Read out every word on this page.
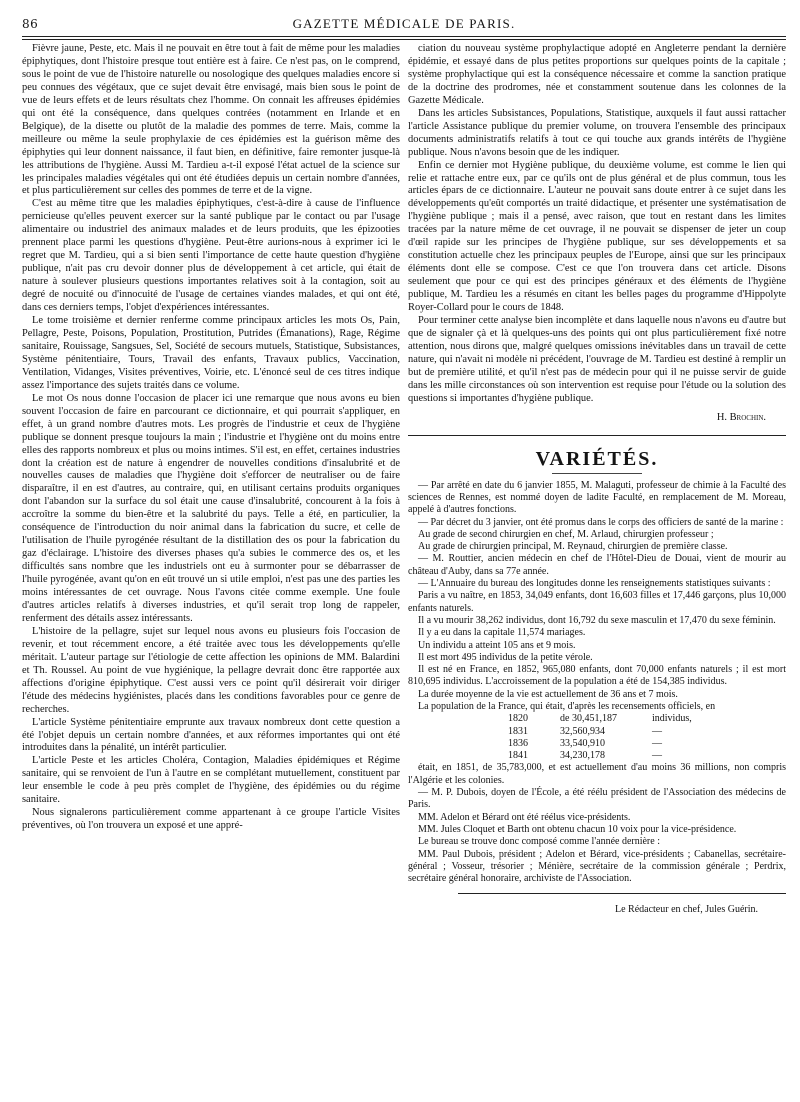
86	GAZETTE MÉDICALE DE PARIS.

Fièvre jaune, Peste, etc. Mais il ne pouvait en être tout à fait de même pour les maladies épiphytiques, dont l'histoire presque tout entière est à faire. Ce n'est pas, on le comprend, sous le point de vue de l'histoire naturelle ou nosologique des quelques maladies encore si peu connues des végétaux, que ce sujet devait être envisagé, mais bien sous le point de vue de leurs effets et de leurs résultats chez l'homme. On connait les affreuses épidémies qui ont été la conséquence, dans quelques contrées (notamment en Irlande et en Belgique), de la disette ou plutôt de la maladie des pommes de terre. Mais, comme la meilleure ou même la seule prophylaxie de ces épidémies est la guérison même des épiphyties qui leur donnent naissance, il faut bien, en définitive, faire remonter jusque-là les attributions de l'hygiène. Aussi M. Tardieu a-t-il exposé l'état actuel de la science sur les principales maladies végétales qui ont été étudiées depuis un certain nombre d'années, et plus particulièrement sur celles des pommes de terre et de la vigne.

C'est au même titre que les maladies épiphytiques, c'est-à-dire à cause de l'influence pernicieuse qu'elles peuvent exercer sur la santé publique par le contact ou par l'usage alimentaire ou industriel des animaux malades et de leurs produits, que les épizooties prennent place parmi les questions d'hygiène. Peut-être aurions-nous à exprimer ici le regret que M. Tardieu, qui a si bien senti l'importance de cette haute question d'hygiène publique, n'ait pas cru devoir donner plus de développement à cet article, qui était de nature à soulever plusieurs questions importantes relatives soit à la contagion, soit au degré de nocuité ou d'innocuité de l'usage de certaines viandes malades, et qui ont été, dans ces derniers temps, l'objet d'expériences intéressantes.

Le tome troisième et dernier renferme comme principaux articles les mots Os, Pain, Pellagre, Peste, Poisons, Population, Prostitution, Putrides (Émanations), Rage, Régime sanitaire, Rouissage, Sangsues, Sel, Société de secours mutuels, Statistique, Subsistances, Système pénitentiaire, Tours, Travail des enfants, Travaux publics, Vaccination, Ventilation, Vidanges, Visites préventives, Voirie, etc. L'énoncé seul de ces titres indique assez l'importance des sujets traités dans ce volume.

Le mot Os nous donne l'occasion de placer ici une remarque que nous avons eu bien souvent l'occasion de faire en parcourant ce dictionnaire, et qui pourrait s'appliquer, en effet, à un grand nombre d'autres mots. Les progrès de l'industrie et ceux de l'hygiène publique se donnent presque toujours la main ; l'industrie et l'hygiène ont du moins entre elles des rapports nombreux et plus ou moins intimes. S'il est, en effet, certaines industries dont la création est de nature à engendrer de nouvelles conditions d'insalubrité et de nouvelles causes de maladies que l'hygiène doit s'efforcer de neutraliser ou de faire disparaître, il en est d'autres, au contraire, qui, en utilisant certains produits organiques dont l'abandon sur la surface du sol était une cause d'insalubrité, concourent à la fois à accroître la somme du bien-être et la salubrité du pays. Telle a été, en particulier, la conséquence de l'introduction du noir animal dans la fabrication du sucre, et celle de l'utilisation de l'huile pyrogénée résultant de la distillation des os pour la fabrication du gaz d'éclairage. L'histoire des diverses phases qu'a subies le commerce des os, et les difficultés sans nombre que les industriels ont eu à surmonter pour se débarrasser de l'huile pyrogénée, avant qu'on en eût trouvé un si utile emploi, n'est pas une des parties les moins intéressantes de cet ouvrage. Nous l'avons citée comme exemple. Une foule d'autres articles relatifs à diverses industries, et qu'il serait trop long de rappeler, renferment des détails assez intéressants.

L'histoire de la pellagre, sujet sur lequel nous avons eu plusieurs fois l'occasion de revenir, et tout récemment encore, a été traitée avec tous les développements qu'elle méritait. L'auteur partage sur l'étiologie de cette affection les opinions de MM. Balardini et Th. Roussel. Au point de vue hygiénique, la pellagre devrait donc être rapportée aux affections d'origine épiphytique. C'est aussi vers ce point qu'il désirerait voir diriger l'étude des médecins hygiénistes, placés dans les conditions favorables pour ce genre de recherches.

L'article Système pénitentiaire emprunte aux travaux nombreux dont cette question a été l'objet depuis un certain nombre d'années, et aux réformes importantes qui ont été introduites dans la pénalité, un intérêt particulier.

L'article Peste et les articles Choléra, Contagion, Maladies épidémiques et Régime sanitaire, qui se renvoient de l'un à l'autre en se complétant mutuellement, constituent par leur ensemble le code à peu près complet de l'hygiène, des épidémies ou du régime sanitaire.

Nous signalerons particulièrement comme appartenant à ce groupe l'article Visites préventives, où l'on trouvera un exposé et une appré-

ciation du nouveau système prophylactique adopté en Angleterre pendant la dernière épidémie, et essayé dans de plus petites proportions sur quelques points de la capitale ; système prophylactique qui est la conséquence nécessaire et comme la sanction pratique de la doctrine des prodromes, née et constamment soutenue dans les colonnes de la Gazette Médicale.

Dans les articles Subsistances, Populations, Statistique, auxquels il faut aussi rattacher l'article Assistance publique du premier volume, on trouvera l'ensemble des principaux documents administratifs relatifs à tout ce qui touche aux grands intérêts de l'hygiène publique. Nous n'avons besoin que de les indiquer.

Enfin ce dernier mot Hygiène publique, du deuxième volume, est comme le lien qui relie et rattache entre eux, par ce qu'ils ont de plus général et de plus commun, tous les articles épars de ce dictionnaire. L'auteur ne pouvait sans doute entrer à ce sujet dans les développements qu'eût comportés un traité didactique, et présenter une systématisation de l'hygiène publique ; mais il a pensé, avec raison, que tout en restant dans les limites tracées par la nature même de cet ouvrage, il ne pouvait se dispenser de jeter un coup d'œil rapide sur les principes de l'hygiène publique, sur ses développements et sa constitution actuelle chez les principaux peuples de l'Europe, ainsi que sur les principaux éléments dont elle se compose. C'est ce que l'on trouvera dans cet article. Disons seulement que pour ce qui est des principes généraux et des éléments de l'hygiène publique, M. Tardieu les a résumés en citant les belles pages du programme d'Hippolyte Royer-Collard pour le cours de 1848.

Pour terminer cette analyse bien incomplète et dans laquelle nous n'avons eu d'autre but que de signaler çà et là quelques-uns des points qui ont plus particulièrement fixé notre attention, nous dirons que, malgré quelques omissions inévitables dans un travail de cette nature, qui n'avait ni modèle ni précédent, l'ouvrage de M. Tardieu est destiné à remplir un but de première utilité, et qu'il n'est pas de médecin pour qui il ne puisse servir de guide dans les mille circonstances où son intervention est requise pour l'étude ou la solution des questions si importantes d'hygiène publique.

H. Brochin.

VARIÉTÉS.

— Par arrêté en date du 6 janvier 1855, M. Malaguti, professeur de chimie à la Faculté des sciences de Rennes, est nommé doyen de ladite Faculté, en remplacement de M. Moreau, appelé à d'autres fonctions.

— Par décret du 3 janvier, ont été promus dans le corps des officiers de santé de la marine :

Au grade de second chirurgien en chef, M. Arlaud, chirurgien professeur ;

Au grade de chirurgien principal, M. Reynaud, chirurgien de première classe.

— M. Routtier, ancien médecin en chef de l'Hôtel-Dieu de Douai, vient de mourir au château d'Auby, dans sa 77e année.

— L'Annuaire du bureau des longitudes donne les renseignements statistiques suivants :

Paris a vu naître, en 1853, 34,049 enfants, dont 16,603 filles et 17,446 garçons, plus 10,000 enfants naturels.

Il a vu mourir 38,262 individus, dont 16,792 du sexe masculin et 17,470 du sexe féminin.

Il y a eu dans la capitale 11,574 mariages.

Un individu a atteint 105 ans et 9 mois.

Il est mort 495 individus de la petite vérole.

Il est né en France, en 1852, 965,080 enfants, dont 70,000 enfants naturels ; il est mort 810,695 individus. L'accroissement de la population a été de 154,385 individus.

La durée moyenne de la vie est actuellement de 36 ans et 7 mois.

La population de la France, qui était, d'après les recensements officiels, en

1820	de 30,451,187	individus,
1831	32,560,934	—
1836	33,540,910	—
1841	34,230,178	—

était, en 1851, de 35,783,000, et est actuellement d'au moins 36 millions, non compris l'Algérie et les colonies.

— M. P. Dubois, doyen de l'École, a été réélu président de l'Association des médecins de Paris.

MM. Adelon et Bérard ont été réélus vice-présidents.

MM. Jules Cloquet et Barth ont obtenu chacun 10 voix pour la vice-présidence.

Le bureau se trouve donc composé comme l'année dernière :

MM. Paul Dubois, président ; Adelon et Bérard, vice-présidents ; Cabanellas, secrétaire-général ; Vosseur, trésorier ; Ménière, secrétaire de la commission générale ; Perdrix, secrétaire général honoraire, archiviste de l'Association.

Le Rédacteur en chef, Jules Guérin.
